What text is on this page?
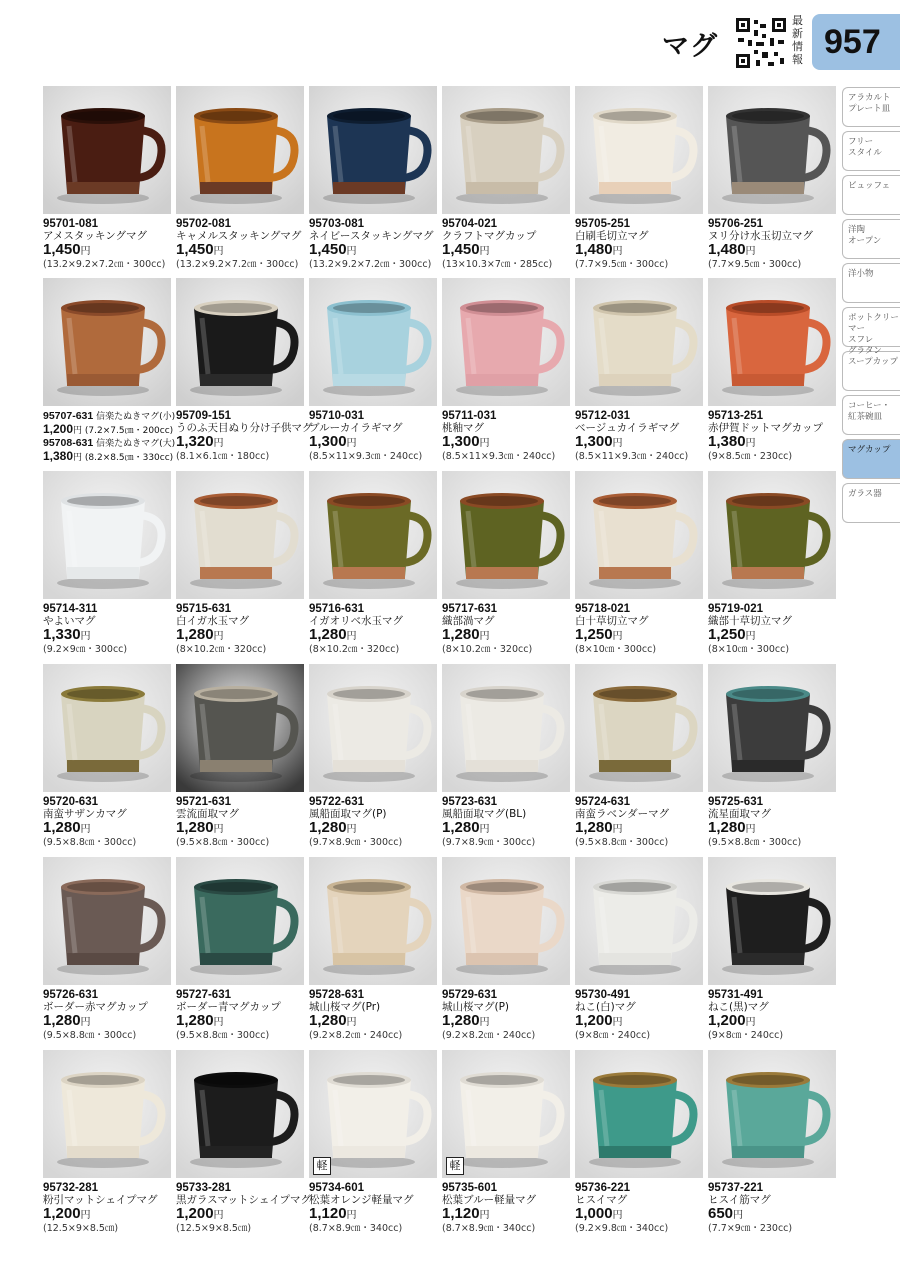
マグ
最新情報 957
アラカルト
プレート皿
フリー
スタイル
ビュッフェ
洋陶
オープン
洋小物
ポットクリーマー
スフレ
グラタン
スープカップ
コーヒー・
紅茶碗皿
マグカップ
ガラス器
95701-081
アメスタッキングマグ
1,450円
(13.2×9.2×7.2㎝・300cc)
95702-081
キャメルスタッキングマグ
1,450円
(13.2×9.2×7.2㎝・300cc)
95703-081
ネイビースタッキングマグ
1,450円
(13.2×9.2×7.2㎝・300cc)
95704-021
クラフトマグカップ
1,450円
(13×10.3×7㎝・285cc)
95705-251
白刷毛切立マグ
1,480円
(7.7×9.5㎝・300cc)
95706-251
ヌリ分け水玉切立マグ
1,480円
(7.7×9.5㎝・300cc)
95707-631 信楽たぬきマグ(小)
1,200円 (7.2×7.5㎝・200cc)
95708-631 信楽たぬきマグ(大)
1,380円 (8.2×8.5㎝・330cc)
95709-151
うのふ天目ぬり分け子供マグ
1,320円
(8.1×6.1㎝・180cc)
95710-031
ブルーカイラギマグ
1,300円
(8.5×11×9.3㎝・240cc)
95711-031
桃釉マグ
1,300円
(8.5×11×9.3㎝・240cc)
95712-031
ベージュカイラギマグ
1,300円
(8.5×11×9.3㎝・240cc)
95713-251
赤伊賀ドットマグカップ
1,380円
(9×8.5㎝・230cc)
95714-311
やよいマグ
1,330円
(9.2×9㎝・300cc)
95715-631
白イガ水玉マグ
1,280円
(8×10.2㎝・320cc)
95716-631
イガオリベ水玉マグ
1,280円
(8×10.2㎝・320cc)
95717-631
織部渦マグ
1,280円
(8×10.2㎝・320cc)
95718-021
白十草切立マグ
1,250円
(8×10㎝・300cc)
95719-021
織部十草切立マグ
1,250円
(8×10㎝・300cc)
95720-631
南蛮サザンカマグ
1,280円
(9.5×8.8㎝・300cc)
95721-631
雲流面取マグ
1,280円
(9.5×8.8㎝・300cc)
95722-631
風船面取マグ(P)
1,280円
(9.7×8.9㎝・300cc)
95723-631
風船面取マグ(BL)
1,280円
(9.7×8.9㎝・300cc)
95724-631
南蛮ラベンダーマグ
1,280円
(9.5×8.8㎝・300cc)
95725-631
流星面取マグ
1,280円
(9.5×8.8㎝・300cc)
95726-631
ボーダー赤マグカップ
1,280円
(9.5×8.8㎝・300cc)
95727-631
ボーダー青マグカップ
1,280円
(9.5×8.8㎝・300cc)
95728-631
城山桜マグ(Pr)
1,280円
(9.2×8.2㎝・240cc)
95729-631
城山桜マグ(P)
1,280円
(9.2×8.2㎝・240cc)
95730-491
ねこ(白)マグ
1,200円
(9×8㎝・240cc)
95731-491
ねこ(黒)マグ
1,200円
(9×8㎝・240cc)
95732-281
粉引マットシェイプマグ
1,200円
(12.5×9×8.5㎝)
95733-281
黒ガラスマットシェイプマグ
1,200円
(12.5×9×8.5㎝)
軽
95734-601
松葉オレンジ軽量マグ
1,120円
(8.7×8.9㎝・340cc)
軽
95735-601
松葉ブルー軽量マグ
1,120円
(8.7×8.9㎝・340cc)
95736-221
ヒスイマグ
1,000円
(9.2×9.8㎝・340cc)
95737-221
ヒスイ筋マグ
650円
(7.7×9㎝・230cc)
